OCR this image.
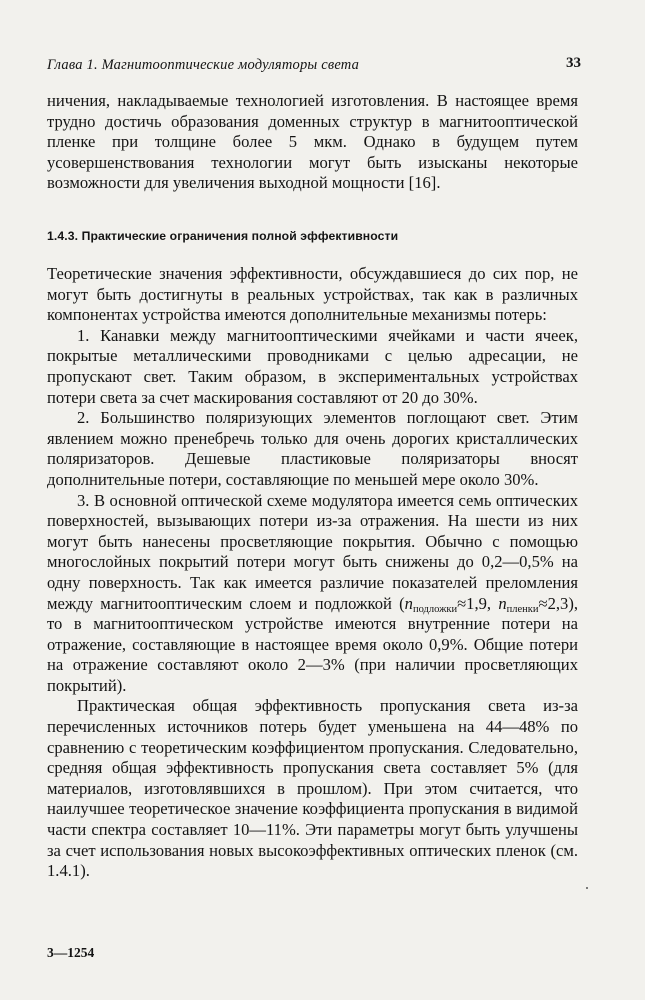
Глава 1. Магнитооптические модуляторы света	33

ничения, накладываемые технологией изготовления. В настоящее время трудно достичь образования доменных структур в магнитооптической пленке при толщине более 5 мкм. Однако в будущем путем усовершенствования технологии могут быть изысканы некоторые возможности для увеличения выходной мощности [16].

1.4.3. Практические ограничения полной эффективности

Теоретические значения эффективности, обсуждавшиеся до сих пор, не могут быть достигнуты в реальных устройствах, так как в различных компонентах устройства имеются дополнительные механизмы потерь:

1. Канавки между магнитооптическими ячейками и части ячеек, покрытые металлическими проводниками с целью адресации, не пропускают свет. Таким образом, в экспериментальных устройствах потери света за счет маскирования составляют от 20 до 30%.

2. Большинство поляризующих элементов поглощают свет. Этим явлением можно пренебречь только для очень дорогих кристаллических поляризаторов. Дешевые пластиковые поляризаторы вносят дополнительные потери, составляющие по меньшей мере около 30%.

3. В основной оптической схеме модулятора имеется семь оптических поверхностей, вызывающих потери из-за отражения. На шести из них могут быть нанесены просветляющие покрытия. Обычно с помощью многослойных покрытий потери могут быть снижены до 0,2—0,5% на одну поверхность. Так как имеется различие показателей преломления между магнитооптическим слоем и подложкой ($n_{подложки}\approx 1,9$, $n_{пленки}\approx 2,3$), то в магнитооптическом устройстве имеются внутренние потери на отражение, составляющие в настоящее время около 0,9%. Общие потери на отражение составляют около 2—3% (при наличии просветляющих покрытий).

Практическая общая эффективность пропускания света из-за перечисленных источников потерь будет уменьшена на 44—48% по сравнению с теоретическим коэффициентом пропускания. Следовательно, средняя общая эффективность пропускания света составляет 5% (для материалов, изготовлявшихся в прошлом). При этом считается, что наилучшее теоретическое значение коэффициента пропускания в видимой части спектра составляет 10—11%. Эти параметры могут быть улучшены за счет использования новых высокоэффективных оптических пленок (см. 1.4.1).

3—1254
